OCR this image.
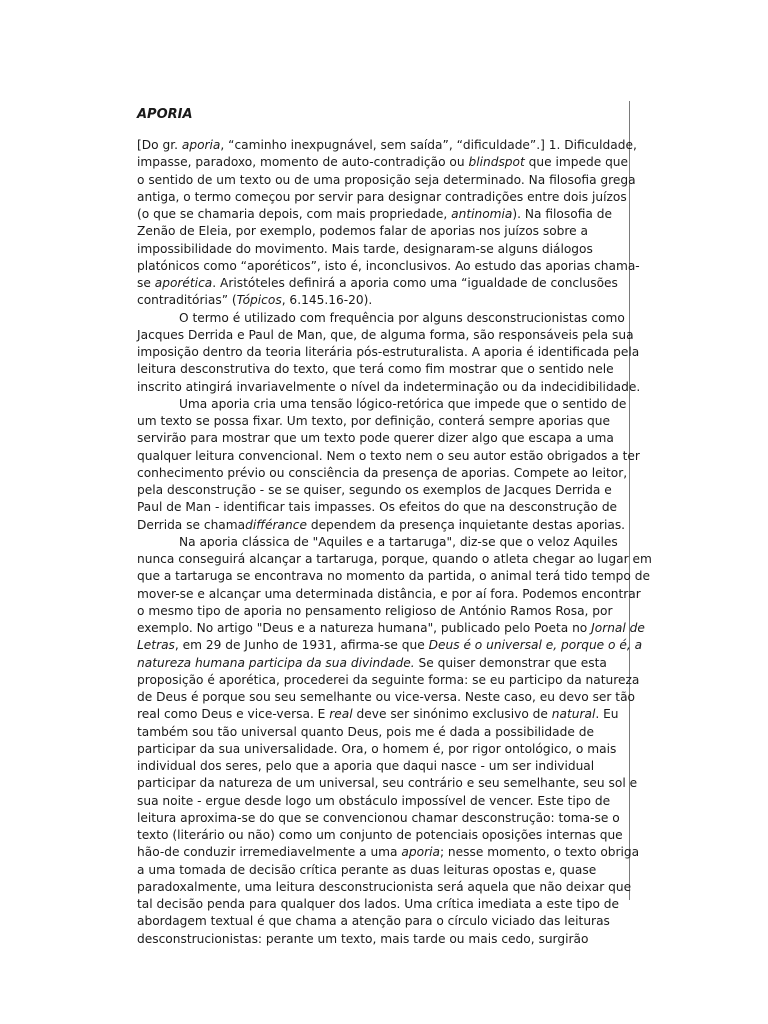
APORIA
[Do gr. aporia, “caminho inexpugnável, sem saída”, “dificuldade”.] 1. Dificuldade,
impasse, paradoxo, momento de auto-contradição ou blindspot que impede que
o sentido de um texto ou de uma proposição seja determinado. Na filosofia grega
antiga, o termo começou por servir para designar contradições entre dois juízos
(o que se chamaria depois, com mais propriedade, antinomia). Na filosofia de
Zenão de Eleia, por exemplo, podemos falar de aporias nos juízos sobre a
impossibilidade do movimento. Mais tarde, designaram-se alguns diálogos
platónicos como “aporéticos”, isto é, inconclusivos. Ao estudo das aporias chama-
se aporética. Aristóteles definirá a aporia como uma “igualdade de conclusões
contraditórias” (Tópicos, 6.145.16-20).
O termo é utilizado com frequência por alguns desconstrucionistas como
Jacques Derrida e Paul de Man, que, de alguma forma, são responsáveis pela sua
imposição dentro da teoria literária pós-estruturalista. A aporia é identificada pela
leitura desconstrutiva do texto, que terá como fim mostrar que o sentido nele
inscrito atingirá invariavelmente o nível da indeterminação ou da indecidibilidade.
Uma aporia cria uma tensão lógico-retórica que impede que o sentido de
um texto se possa fixar. Um texto, por definição, conterá sempre aporias que
servirão para mostrar que um texto pode querer dizer algo que escapa a uma
qualquer leitura convencional. Nem o texto nem o seu autor estão obrigados a ter
conhecimento prévio ou consciência da presença de aporias. Compete ao leitor,
pela desconstrução - se se quiser, segundo os exemplos de Jacques Derrida e
Paul de Man - identificar tais impasses. Os efeitos do que na desconstrução de
Derrida se chamadifférance dependem da presença inquietante destas aporias.
Na aporia clássica de "Aquiles e a tartaruga", diz-se que o veloz Aquiles
nunca conseguirá alcançar a tartaruga, porque, quando o atleta chegar ao lugar em
que a tartaruga se encontrava no momento da partida, o animal terá tido tempo de
mover-se e alcançar uma determinada distância, e por aí fora. Podemos encontrar
o mesmo tipo de aporia no pensamento religioso de António Ramos Rosa, por
exemplo. No artigo "Deus e a natureza humana", publicado pelo Poeta no Jornal de
Letras, em 29 de Junho de 1931, afirma-se que Deus é o universal e, porque o é, a
natureza humana participa da sua divindade. Se quiser demonstrar que esta
proposição é aporética, procederei da seguinte forma: se eu participo da natureza
de Deus é porque sou seu semelhante ou vice-versa. Neste caso, eu devo ser tão
real como Deus e vice-versa. E real deve ser sinónimo exclusivo de natural. Eu
também sou tão universal quanto Deus, pois me é dada a possibilidade de
participar da sua universalidade. Ora, o homem é, por rigor ontológico, o mais
individual dos seres, pelo que a aporia que daqui nasce - um ser individual
participar da natureza de um universal, seu contrário e seu semelhante, seu sol e
sua noite - ergue desde logo um obstáculo impossível de vencer. Este tipo de
leitura aproxima-se do que se convencionou chamar desconstrução: toma-se o
texto (literário ou não) como um conjunto de potenciais oposições internas que
hão-de conduzir irremediavelmente a uma aporia; nesse momento, o texto obriga
a uma tomada de decisão crítica perante as duas leituras opostas e, quase
paradoxalmente, uma leitura desconstrucionista será aquela que não deixar que
tal decisão penda para qualquer dos lados. Uma crítica imediata a este tipo de
abordagem textual é que chama a atenção para o círculo viciado das leituras
desconstrucionistas: perante um texto, mais tarde ou mais cedo, surgirão
